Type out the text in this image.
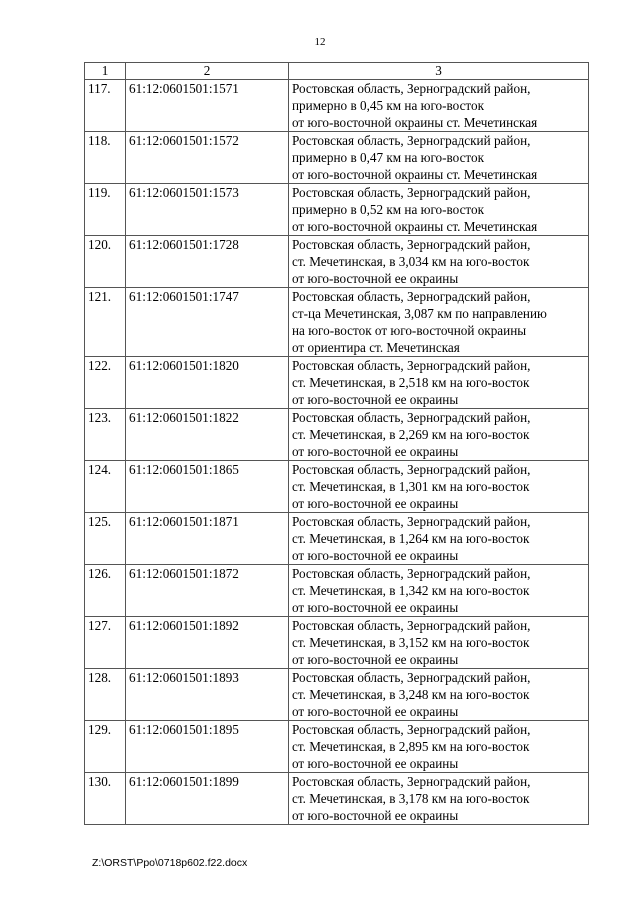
12
1	2	3
117.	61:12:0601501:1571	Ростовская область, Зерноградский район,
примерно в 0,45 км на юго-восток
от юго-восточной окраины ст. Мечетинская

118.	61:12:0601501:1572	Ростовская область, Зерноградский район,
примерно в 0,47 км на юго-восток
от юго-восточной окраины ст. Мечетинская

119.	61:12:0601501:1573	Ростовская область, Зерноградский район,
примерно в 0,52 км на юго-восток
от юго-восточной окраины ст. Мечетинская

120.	61:12:0601501:1728	Ростовская область, Зерноградский район,
ст. Мечетинская, в 3,034 км на юго-восток
от юго-восточной ее окраины

121.	61:12:0601501:1747	Ростовская область, Зерноградский район,
ст-ца Мечетинская, 3,087 км по направлению
на юго-восток от юго-восточной окраины
от ориентира ст. Мечетинская

122.	61:12:0601501:1820	Ростовская область, Зерноградский район,
ст. Мечетинская, в 2,518 км на юго-восток
от юго-восточной ее окраины

123.	61:12:0601501:1822	Ростовская область, Зерноградский район,
ст. Мечетинская, в 2,269 км на юго-восток
от юго-восточной ее окраины

124.	61:12:0601501:1865	Ростовская область, Зерноградский район,
ст. Мечетинская, в 1,301 км на юго-восток
от юго-восточной ее окраины

125.	61:12:0601501:1871	Ростовская область, Зерноградский район,
ст. Мечетинская, в 1,264 км на юго-восток
от юго-восточной ее окраины

126.	61:12:0601501:1872	Ростовская область, Зерноградский район,
ст. Мечетинская, в 1,342 км на юго-восток
от юго-восточной ее окраины

127.	61:12:0601501:1892	Ростовская область, Зерноградский район,
ст. Мечетинская, в 3,152 км на юго-восток
от юго-восточной ее окраины

128.	61:12:0601501:1893	Ростовская область, Зерноградский район,
ст. Мечетинская, в 3,248 км на юго-восток
от юго-восточной ее окраины

129.	61:12:0601501:1895	Ростовская область, Зерноградский район,
ст. Мечетинская, в 2,895 км на юго-восток
от юго-восточной ее окраины

130.	61:12:0601501:1899	Ростовская область, Зерноградский район,
ст. Мечетинская, в 3,178 км на юго-восток
от юго-восточной ее окраины
Z:\ORST\Ppo\0718p602.f22.docx
